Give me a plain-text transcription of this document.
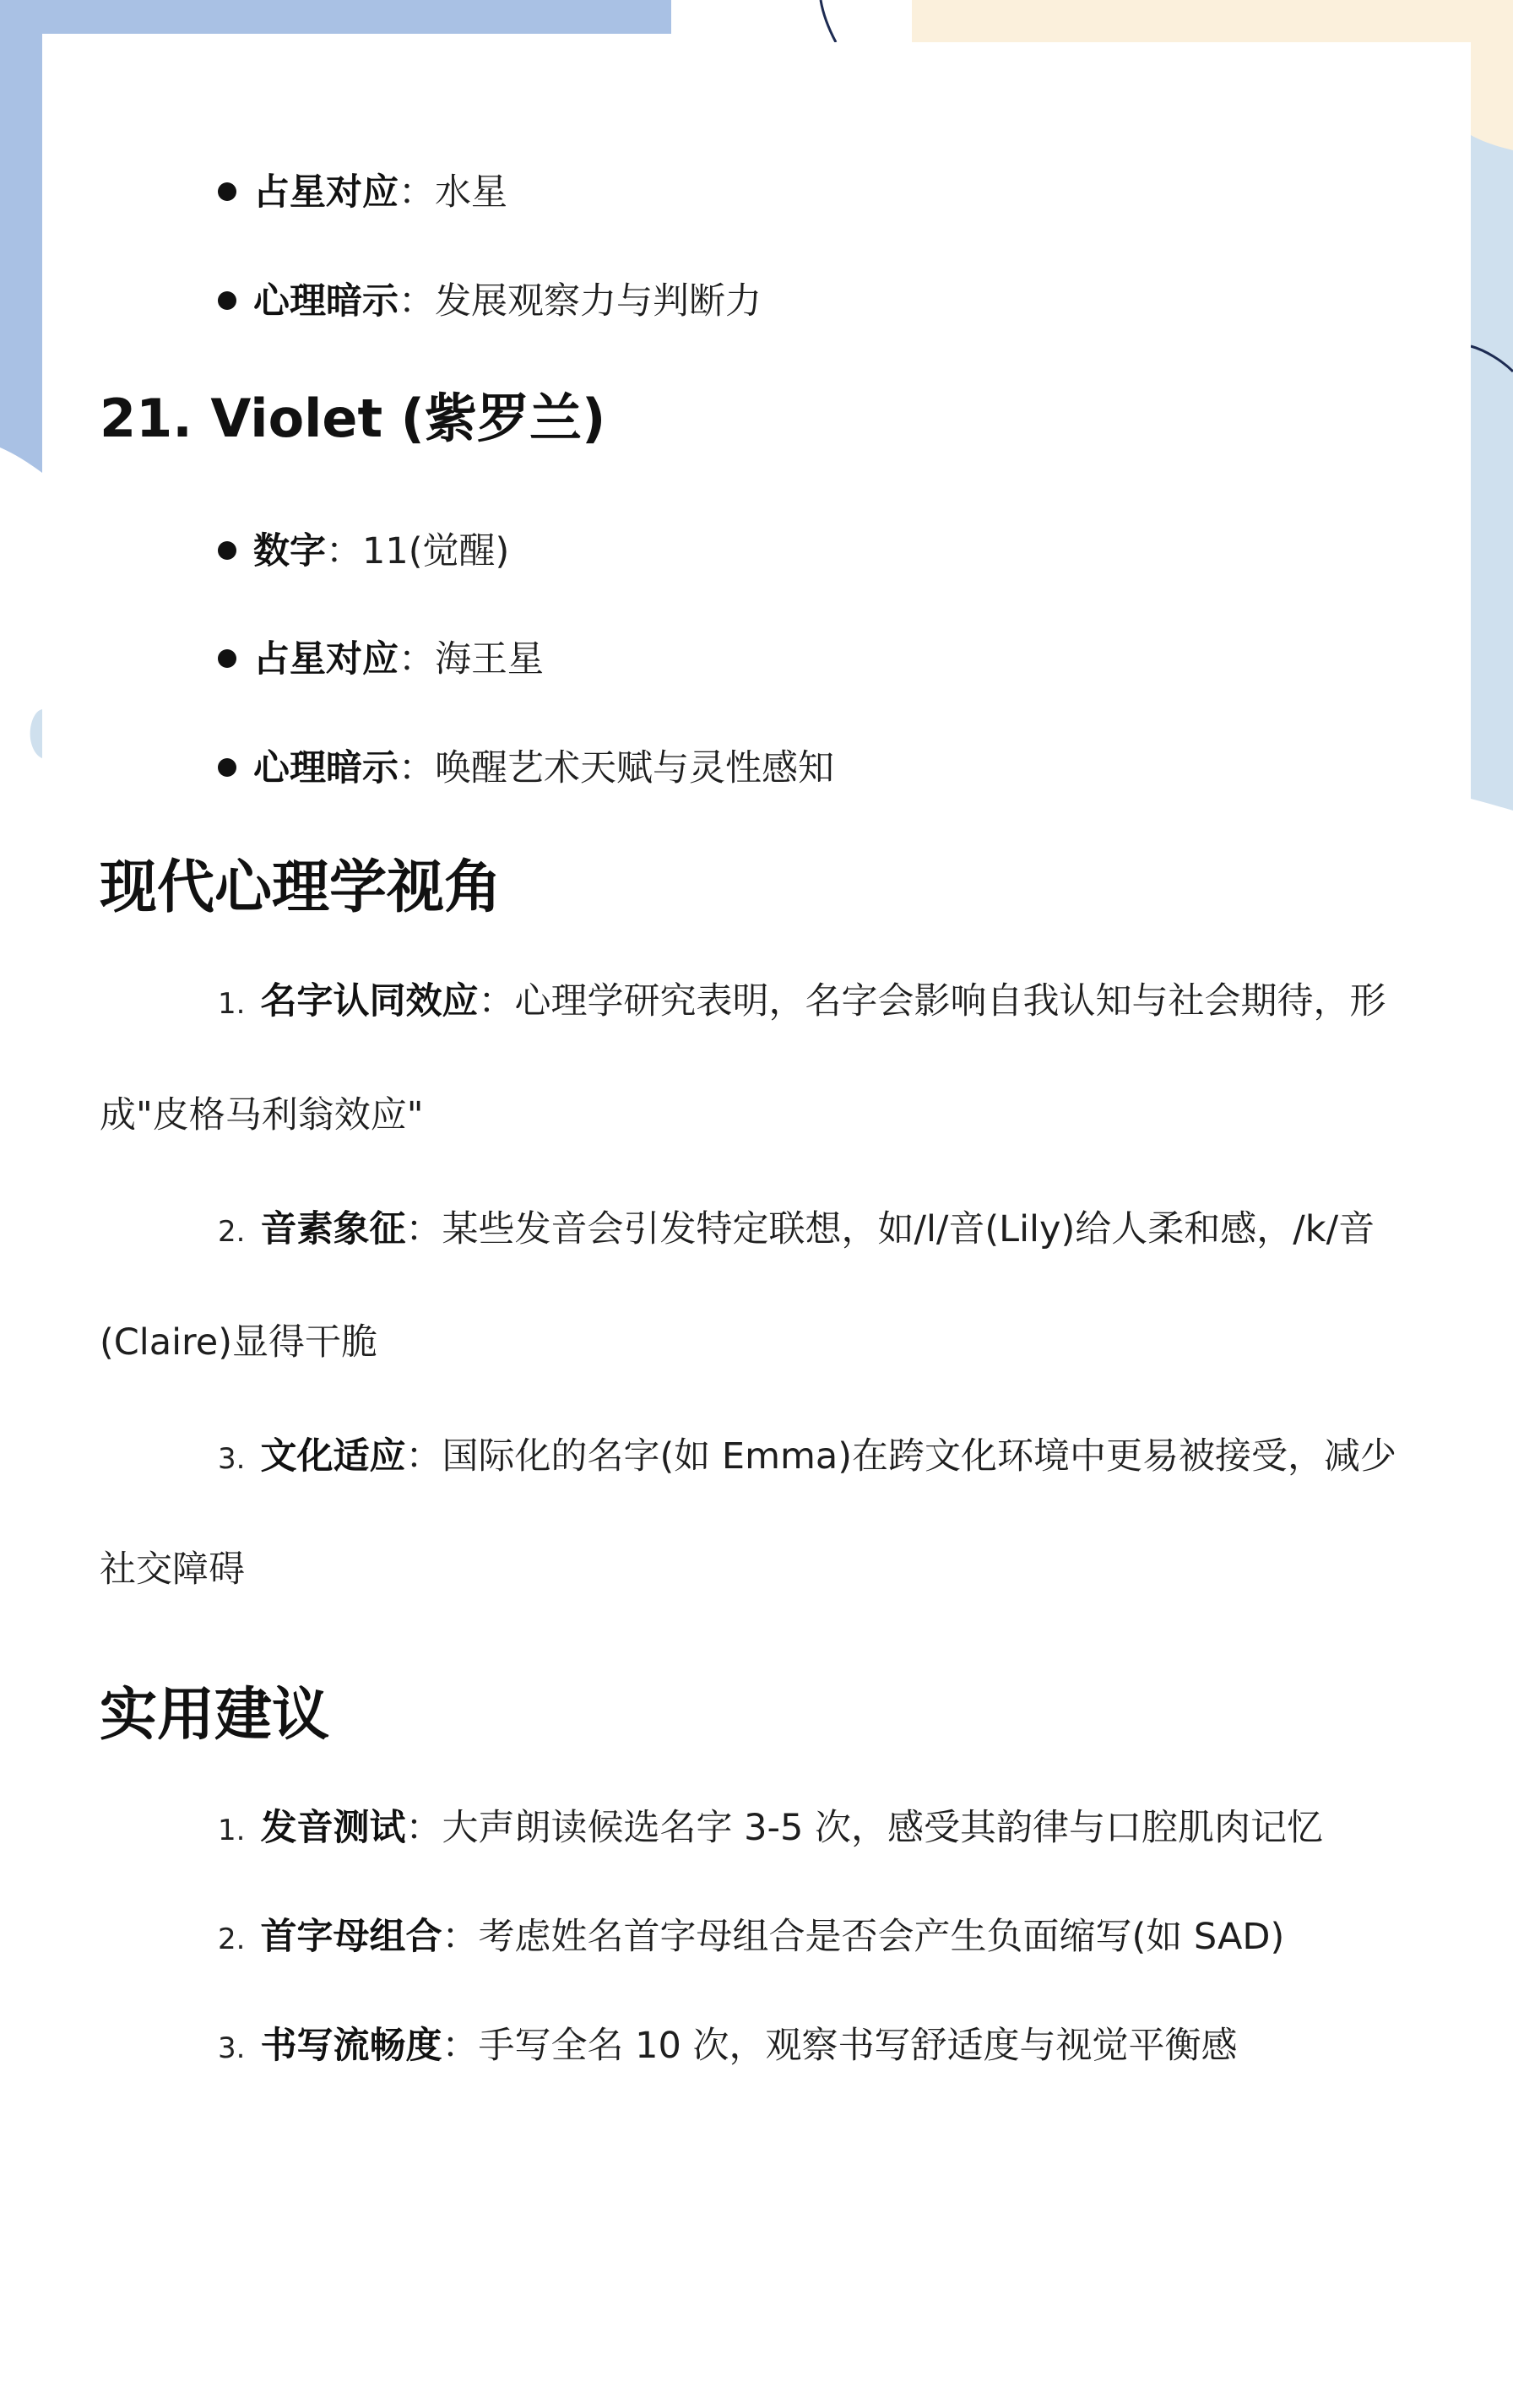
占星对应：水星
心理暗示：发展观察力与判断力
21. Violet (紫罗兰)
数字：11(觉醒)
占星对应：海王星
心理暗示：唤醒艺术天赋与灵性感知
现代心理学视角
1. 名字认同效应：心理学研究表明，名字会影响自我认知与社会期待，形
成"皮格马利翁效应"
2. 音素象征：某些发音会引发特定联想，如/l/音(Lily)给人柔和感，/k/音
(Claire)显得干脆
3. 文化适应：国际化的名字(如 Emma)在跨文化环境中更易被接受，减少
社交障碍
实用建议
1. 发音测试：大声朗读候选名字 3-5 次，感受其韵律与口腔肌肉记忆
2. 首字母组合：考虑姓名首字母组合是否会产生负面缩写(如 SAD)
3. 书写流畅度：手写全名 10 次，观察书写舒适度与视觉平衡感
